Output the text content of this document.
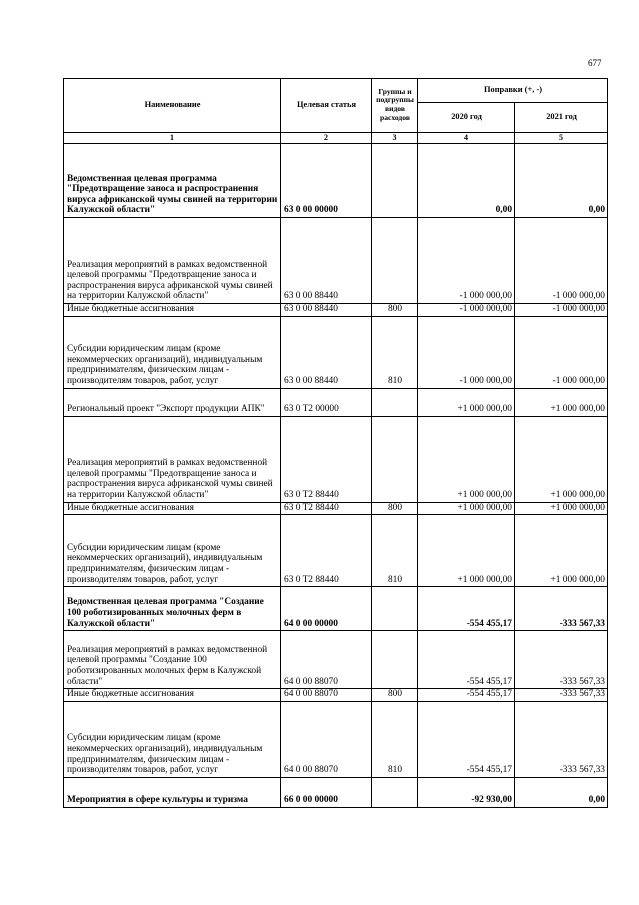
677
Наименование	Целевая статья	Группы и подгруппы видов расходов	Поправки (+, -)	
			2020 год	2021 год
1	2	3	4	5
Ведомственная целевая программа "Предотвращение заноса и распространения вируса африканской чумы свиней на территории Калужской области"	63 0 00 00000		0,00	0,00
Реализация мероприятий в рамках ведомственной целевой программы "Предотвращение заноса и распространения вируса африканской чумы свиней на территории Калужской области"	63 0 00 88440		-1 000 000,00	-1 000 000,00
Иные бюджетные ассигнования	63 0 00 88440	800	-1 000 000,00	-1 000 000,00
Субсидии юридическим лицам (кроме некоммерческих организаций), индивидуальным предпринимателям, физическим лицам - производителям товаров, работ, услуг	63 0 00 88440	810	-1 000 000,00	-1 000 000,00
Региональный проект "Экспорт продукции АПК"	63 0 T2 00000		+1 000 000,00	+1 000 000,00
Реализация мероприятий в рамках ведомственной целевой программы "Предотвращение заноса и распространения вируса африканской чумы свиней на территории Калужской области"	63 0 T2 88440		+1 000 000,00	+1 000 000,00
Иные бюджетные ассигнования	63 0 T2 88440	800	+1 000 000,00	+1 000 000,00
Субсидии юридическим лицам (кроме некоммерческих организаций), индивидуальным предпринимателям, физическим лицам - производителям товаров, работ, услуг	63 0 T2 88440	810	+1 000 000,00	+1 000 000,00
Ведомственная целевая программа "Создание 100 роботизированных молочных ферм в Калужской области"	64 0 00 00000		-554 455,17	-333 567,33
Реализация мероприятий в рамках ведомственной целевой программы "Создание 100 роботизированных молочных ферм в Калужской области"	64 0 00 88070		-554 455,17	-333 567,33
Иные бюджетные ассигнования	64 0 00 88070	800	-554 455,17	-333 567,33
Субсидии юридическим лицам (кроме некоммерческих организаций), индивидуальным предпринимателям, физическим лицам - производителям товаров, работ, услуг	64 0 00 88070	810	-554 455,17	-333 567,33
Мероприятия в сфере культуры и туризма	66 0 00 00000		-92 930,00	0,00
